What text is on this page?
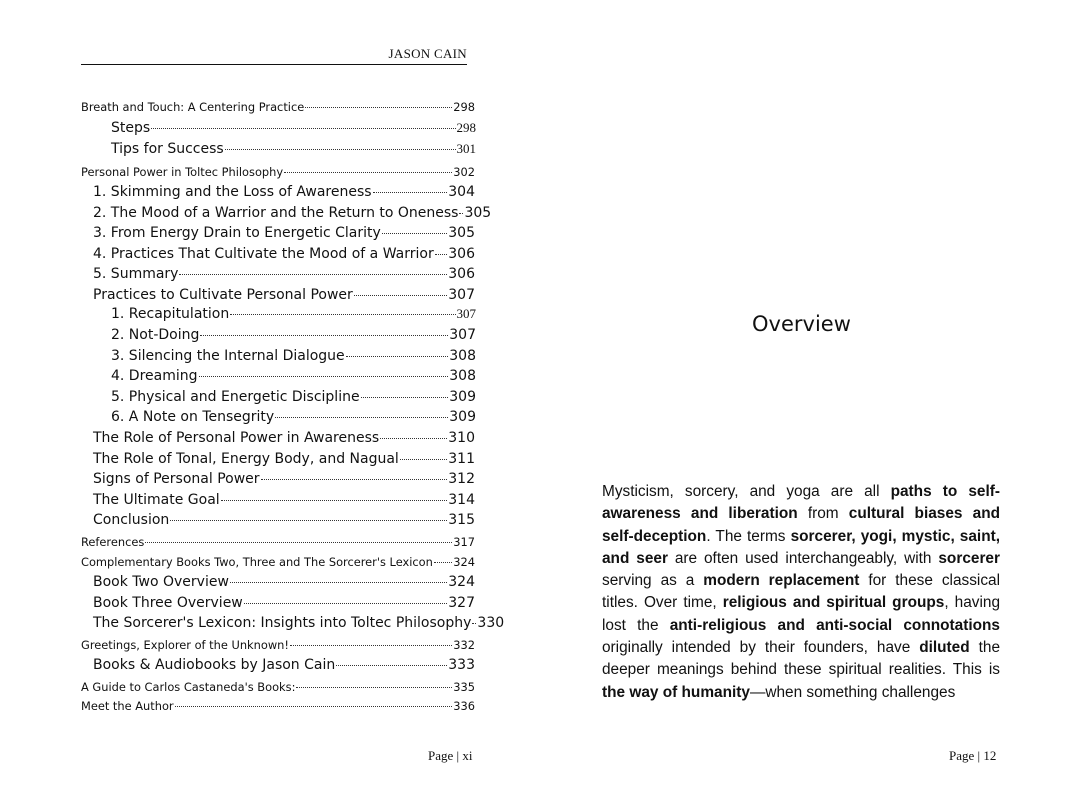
JASON CAIN
Breath and Touch: A Centering Practice	298
Steps	298
Tips for Success	301
Personal Power in Toltec Philosophy	302
1. Skimming and the Loss of Awareness	304
2. The Mood of a Warrior and the Return to Oneness 305
3. From Energy Drain to Energetic Clarity	305
4. Practices That Cultivate the Mood of a Warrior 306
5. Summary	306
Practices to Cultivate Personal Power	307
1. Recapitulation	307
2. Not-Doing	307
3. Silencing the Internal Dialogue	308
4. Dreaming	308
5. Physical and Energetic Discipline	309
6. A Note on Tensegrity	309
The Role of Personal Power in Awareness	310
The Role of Tonal, Energy Body, and Nagual	311
Signs of Personal Power	312
The Ultimate Goal	314
Conclusion	315
References	317
Complementary Books Two, Three and The Sorcerer's Lexicon 324
Book Two Overview	324
Book Three Overview	327
The Sorcerer's Lexicon: Insights into Toltec Philosophy 330
Greetings, Explorer of the Unknown!	332
Books & Audiobooks by Jason Cain	333
A Guide to Carlos Castaneda's Books:	335
Meet the Author	336
Page | xi
Overview

Mysticism, sorcery, and yoga are all paths to self-awareness and liberation from cultural biases and self-deception. The terms sorcerer, yogi, mystic, saint, and seer are often used interchangeably, with sorcerer serving as a modern replacement for these classical titles. Over time, religious and spiritual groups, having lost the anti-religious and anti-social connotations originally intended by their founders, have diluted the deeper meanings behind these spiritual realities. This is the way of humanity—when something challenges

Page | 12
